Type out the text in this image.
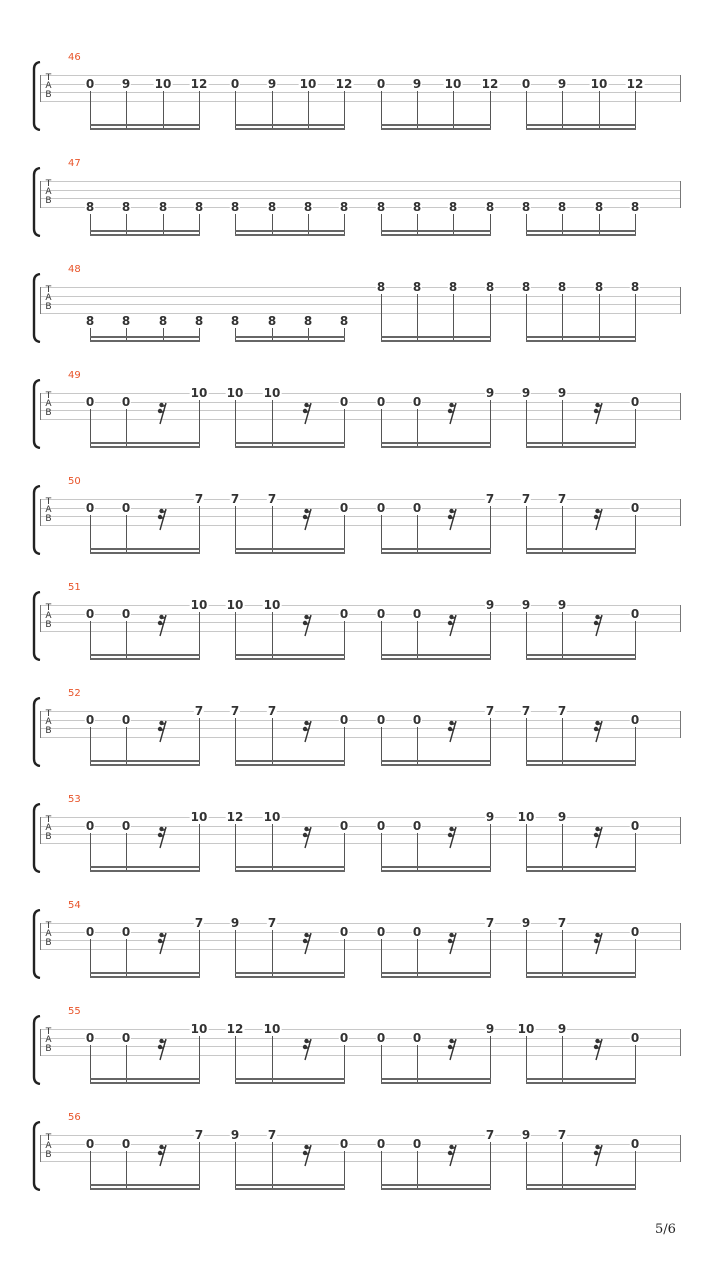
46
T
A
B
0 9 10 12 0 9 10 12 0 9 10 12 0 9 10 12
47
T
A
B	8 8 8 8 8 8 8 8 8 8 8 8 8 8 8 8
48
T
A
B
8 8 8 8 8 8 8 8
8 8 8 8 8 8 8 8
49
T
A
B
0 0
10 10 10
0 0 0
9 9 9
0
50
T
A
B
0 0
7 7 7
0 0 0
7 7 7
0
51
T
A
B
0 0
10 10 10
0 0 0
9 9 9
0
52
T
A
B
0 0
7 7 7
0 0 0
7 7 7
0
53
T
A
B
0 0
10 12 10
0 0 0
9 10 9
0
54
T
A
B
0 0
7 9 7
0 0 0
7 9 7
0
55
T
A
B
0 0
10 12 10
0 0 0
9 10 9
0
56
T
A
B
0 0
7 9 7
0 0 0
7 9 7
0
5/6
